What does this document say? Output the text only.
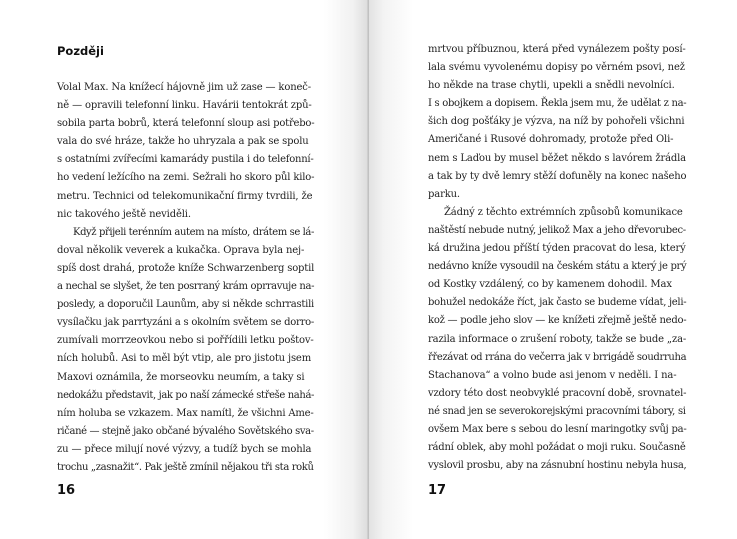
Později
Volal Max. Na knížecí hájovně jim už zase — koneč-
ně — opravili telefonní linku. Havárii tentokrát způ-
sobila parta bobrů, která telefonní sloup asi potřebo-
vala do své hráze, takže ho uhryzala a pak se spolu
s ostatními zvířecími kamarády pustila i do telefonní-
ho vedení ležícího na zemi. Sežrali ho skoro půl kilo-
metru. Technici od telekomunikační firmy tvrdili, že
nic takového ještě neviděli.
Když přijeli terénním autem na místo, drátem se lá-
doval několik veverek a kukačka. Oprava byla nej-
spíš dost drahá, protože kníže Schwarzenberg soptil
a nechal se slyšet, že ten posrraný krám oprravuje na-
posledy, a doporučil Launům, aby si někde schrrastili
vysílačku jak parrtyzáni a s okolním světem se dorro-
zumívali morrzeovkou nebo si pořřídili letku poštov-
ních holubů. Asi to měl být vtip, ale pro jistotu jsem
Maxovi oznámila, že morseovku neumím, a taky si
nedokážu představit, jak po naší zámecké střeše nahá-
ním holuba se vzkazem. Max namítl, že všichni Ame-
ričané — stejně jako občané bývalého Sovětského sva-
zu — přece milují nové výzvy, a tudíž bych se mohla
trochu „zasnažit“. Pak ještě zmínil nějakou tři sta roků
16
mrtvou příbuznou, která před vynálezem pošty posí-
lala svému vyvolenému dopisy po věrném psovi, než
ho někde na trase chytli, upekli a snědli nevolníci.
I s obojkem a dopisem. Řekla jsem mu, že udělat z na-
šich dog pošťáky je výzva, na níž by pohořeli všichni
Američané i Rusové dohromady, protože před Oli-
nem s Laďou by musel běžet někdo s lavórem žrádla
a tak by ty dvě lemry stěží dofuněly na konec našeho
parku.
Žádný z těchto extrémních způsobů komunikace
naštěstí nebude nutný, jelikož Max a jeho dřevorubec-
ká družina jedou příští týden pracovat do lesa, který
nedávno kníže vysoudil na českém státu a který je prý
od Kostky vzdálený, co by kamenem dohodil. Max
bohužel nedokáže říct, jak často se budeme vídat, jeli-
kož — podle jeho slov — ke knížeti zřejmě ještě nedo-
razila informace o zrušení roboty, takže se bude „za-
řřezávat od rrána do večerra jak v brrigádě soudrruha
Stachanova“ a volno bude asi jenom v neděli. I na-
vzdory této dost neobvyklé pracovní době, srovnatel-
né snad jen se severokorejskými pracovními tábory, si
ovšem Max bere s sebou do lesní maringotky svůj pa-
rádní oblek, aby mohl požádat o moji ruku. Současně
vyslovil prosbu, aby na zásnubní hostinu nebyla husa,
17
